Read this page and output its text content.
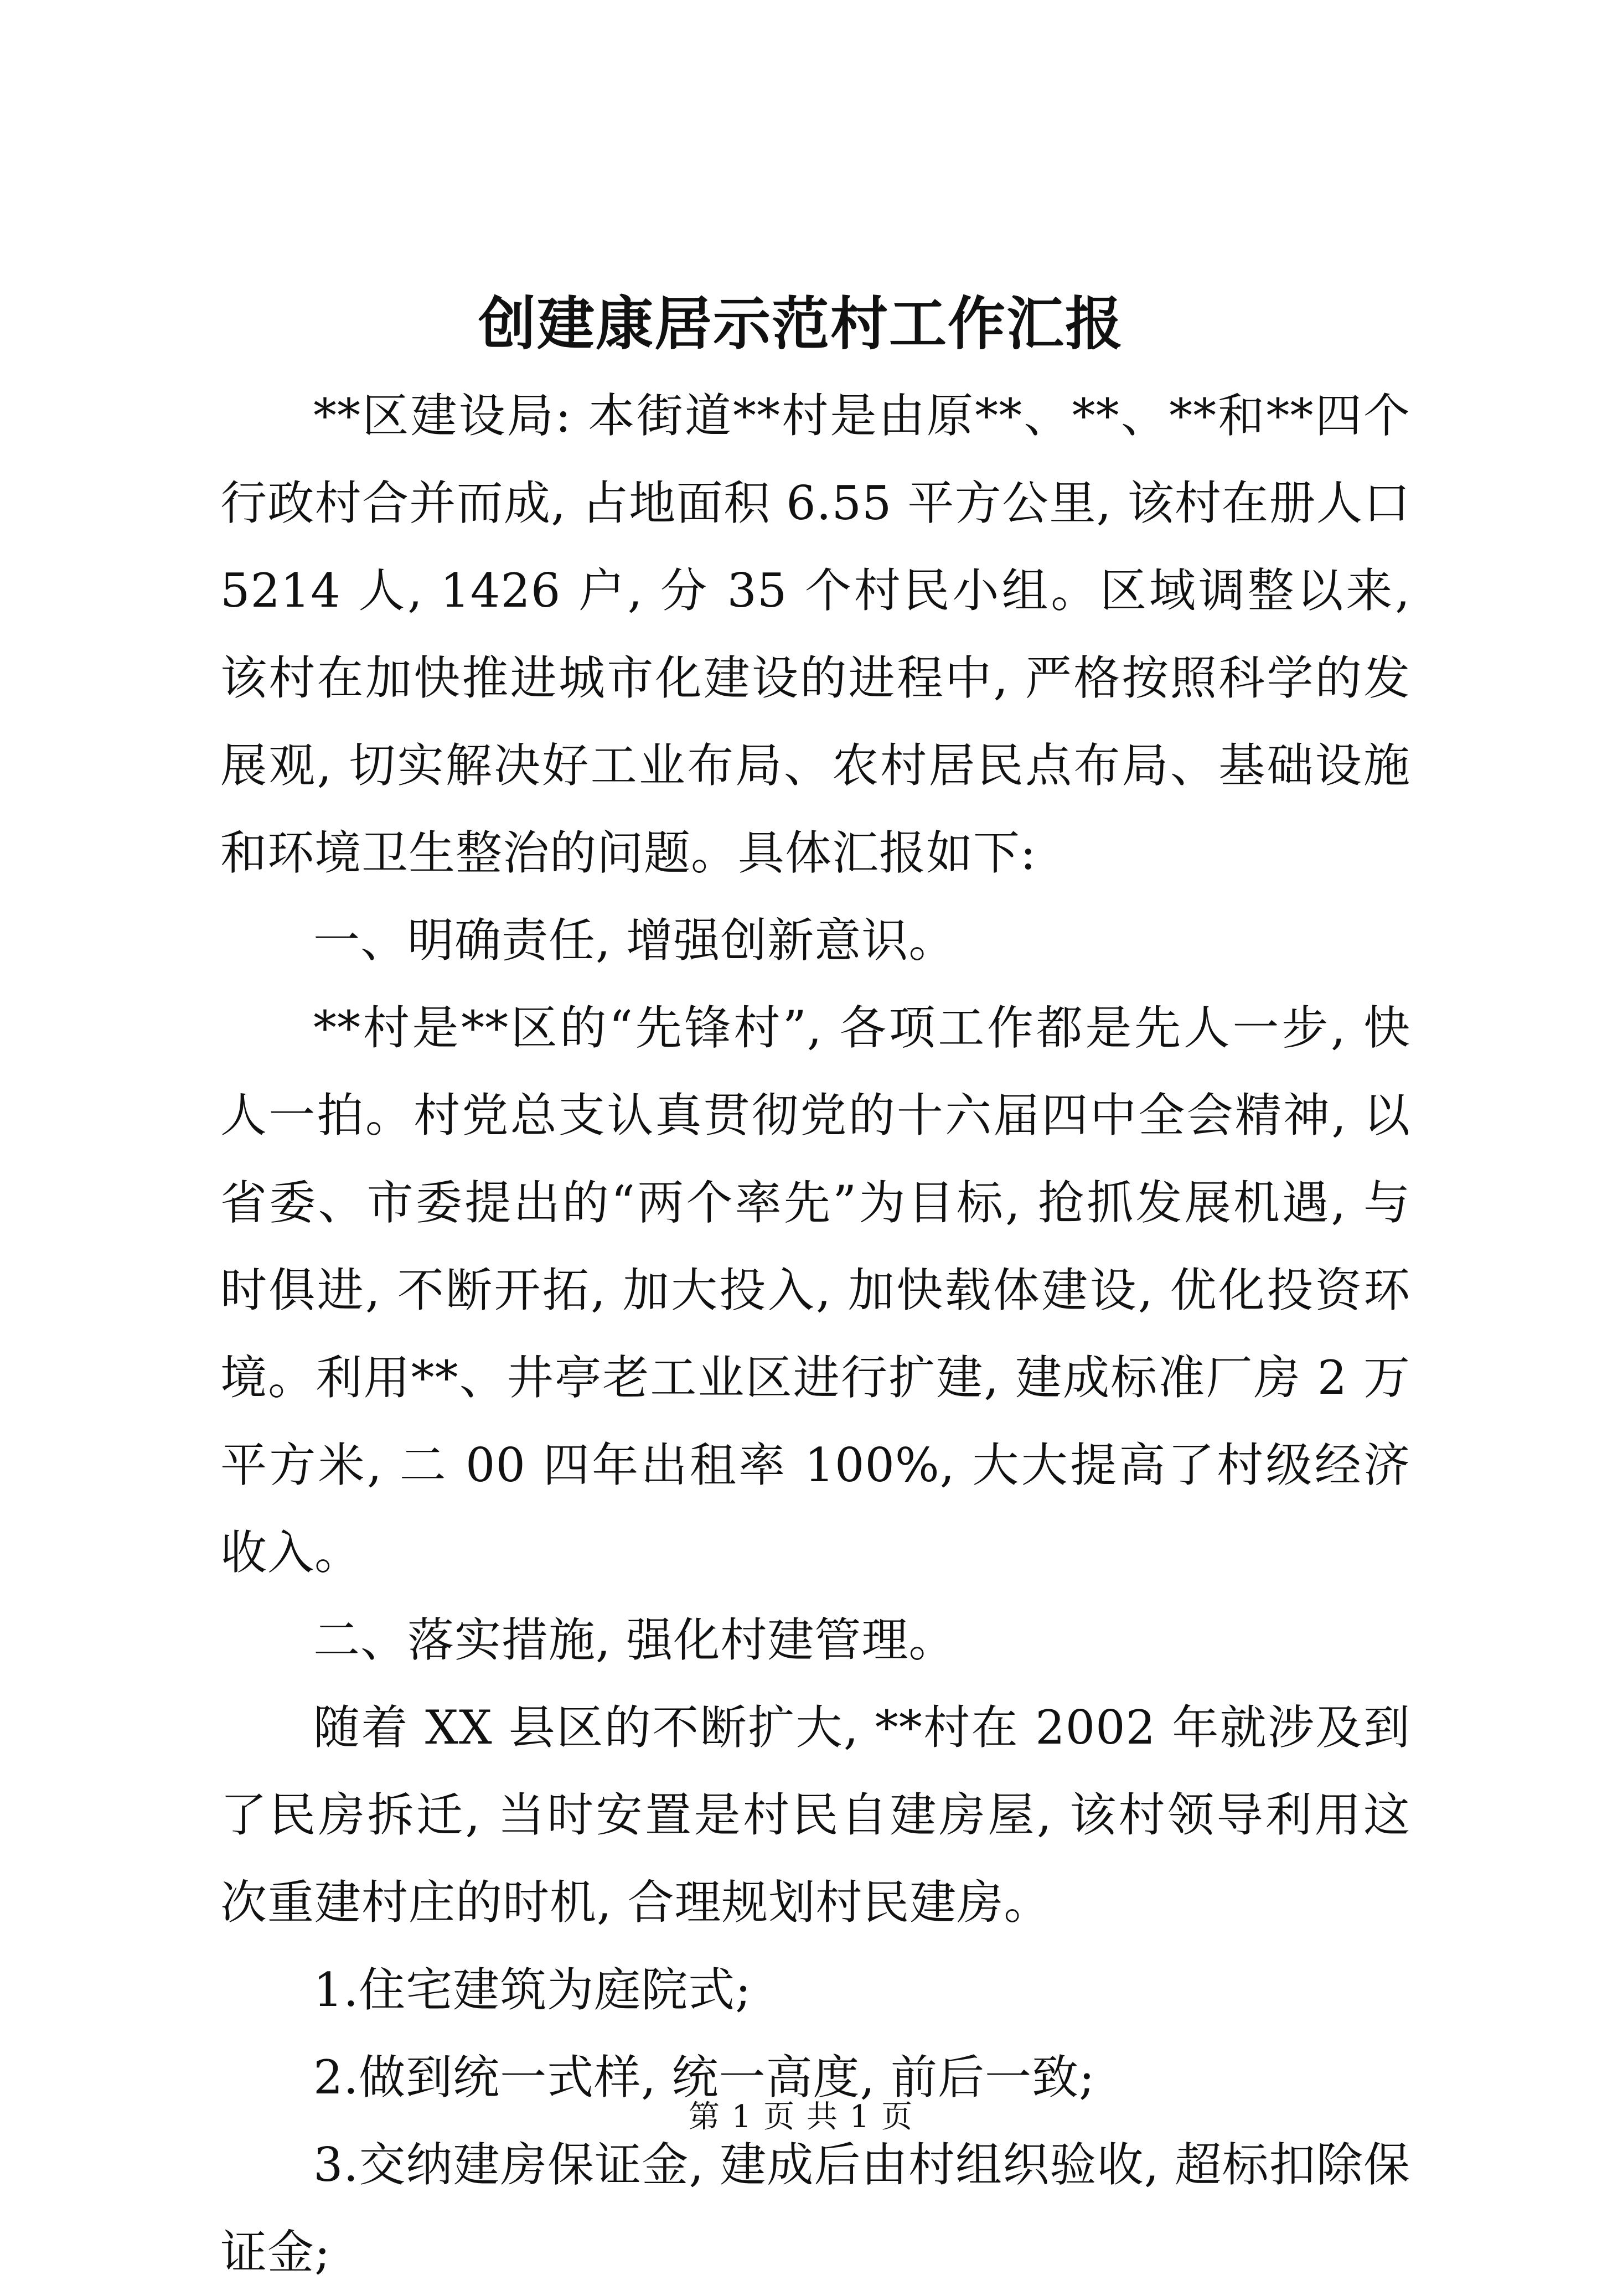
创建康居示范村工作汇报

**区建设局: 本街道**村是由原**、**、**和**四个行政村合并而成, 占地面积 6.55 平方公里, 该村在册人口 5214 人, 1426 户, 分 35 个村民小组。区域调整以来, 该村在加快推进城市化建设的进程中, 严格按照科学的发展观, 切实解决好工业布局、农村居民点布局、基础设施和环境卫生整治的问题。具体汇报如下:

一、明确责任, 增强创新意识。

**村是**区的“先锋村”, 各项工作都是先人一步, 快人一拍。村党总支认真贯彻党的十六届四中全会精神, 以省委、市委提出的“两个率先”为目标, 抢抓发展机遇, 与时俱进, 不断开拓, 加大投入, 加快载体建设, 优化投资环境。利用**、井亭老工业区进行扩建, 建成标准厂房 2 万平方米, 二 00 四年出租率 100%, 大大提高了村级经济收入。

二、落实措施, 强化村建管理。

随着 XX 县区的不断扩大, **村在 2002 年就涉及到了民房拆迁, 当时安置是村民自建房屋, 该村领导利用这次重建村庄的时机, 合理规划村民建房。

1.住宅建筑为庭院式;

2.做到统一式样, 统一高度, 前后一致;

3.交纳建房保证金, 建成后由村组织验收, 超标扣除保证金;

第 1 页 共 1 页
